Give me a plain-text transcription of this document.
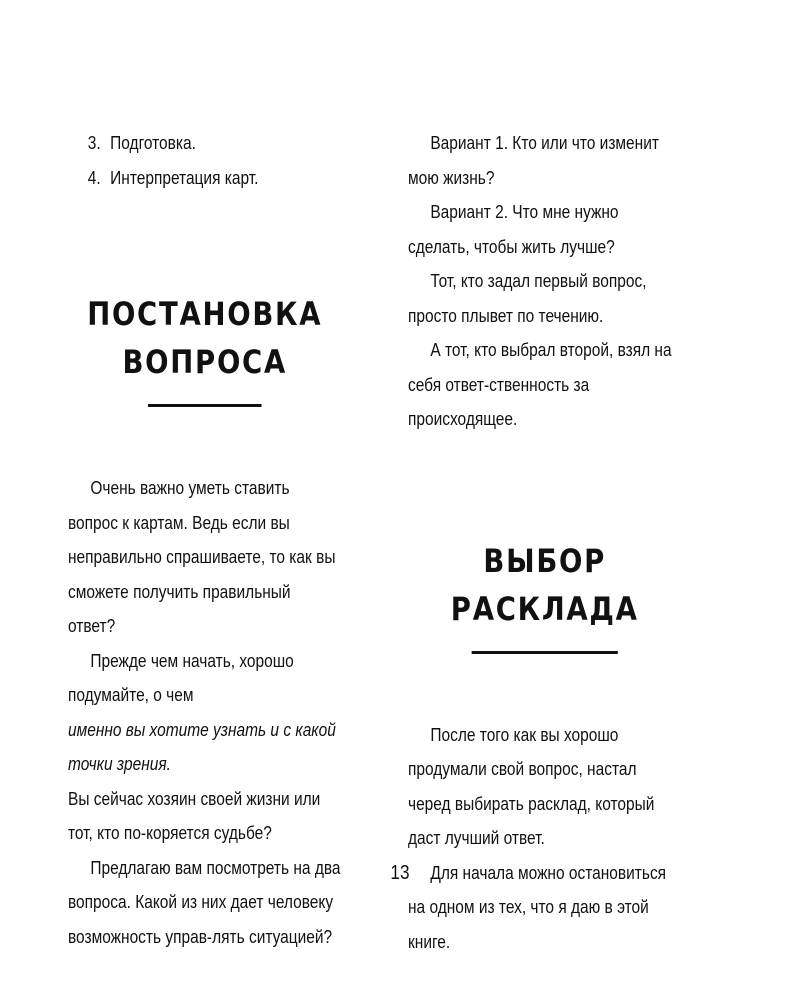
3. Подготовка.

4. Интерпретация карт.

ПОСТАНОВКА
ВОПРОСА

Очень важно уметь ставить вопрос к картам. Ведь если вы неправильно спрашиваете, то как вы сможете получить правильный ответ?

Прежде чем начать, хорошо подумайте, о чем

именно вы хотите узнать и с какой точки зрения.

Вы сейчас хозяин своей жизни или тот, кто по-коряется судьбе?

Предлагаю вам посмотреть на два вопроса. Какой из них дает человеку возможность управ-лять ситуацией?

Вариант 1. Кто или что изменит мою жизнь?

Вариант 2. Что мне нужно сделать, чтобы жить лучше?

Тот, кто задал первый вопрос, просто плывет по течению.

А тот, кто выбрал второй, взял на себя ответ-ственность за происходящее.

ВЫБОР
РАСКЛАДА

После того как вы хорошо продумали свой вопрос, настал черед выбирать расклад, который даст лучший ответ.

Для начала можно остановиться на одном из тех, что я даю в этой книге.

13
